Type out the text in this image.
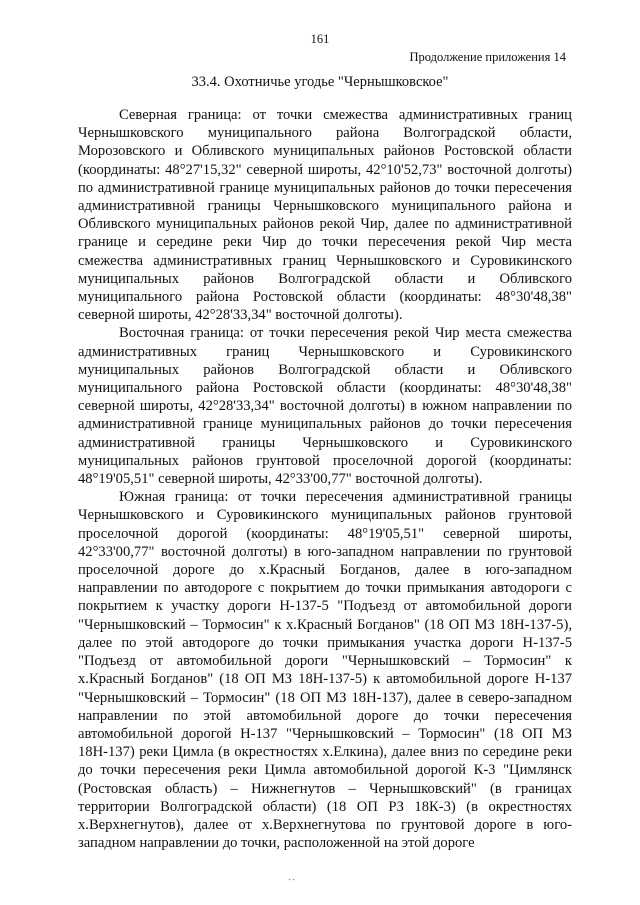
161
Продолжение приложения 14
33.4. Охотничье угодье "Чернышковское"

Северная граница: от точки смежества административных границ Чернышковского муниципального района Волгоградской области, Морозовского и Обливского муниципальных районов Ростовской области (координаты: 48°27'15,32" северной широты, 42°10'52,73" восточной долготы) по административной границе муниципальных районов до точки пересечения административной границы Чернышковского муниципального района и Обливского муниципальных районов рекой Чир, далее по административной границе и середине реки Чир до точки пересечения рекой Чир места смежества административных границ Чернышковского и Суровикинского муниципальных районов Волгоградской области и Обливского муниципального района Ростовской области (координаты: 48°30'48,38" северной широты, 42°28'33,34" восточной долготы).

Восточная граница: от точки пересечения рекой Чир места смежества административных границ Чернышковского и Суровикинского муниципальных районов Волгоградской области и Обливского муниципального района Ростовской области (координаты: 48°30'48,38" северной широты, 42°28'33,34" восточной долготы) в южном направлении по административной границе муниципальных районов до точки пересечения административной границы Чернышковского и Суровикинского муниципальных районов грунтовой проселочной дорогой (координаты: 48°19'05,51" северной широты, 42°33'00,77" восточной долготы).

Южная граница: от точки пересечения административной границы Чернышковского и Суровикинского муниципальных районов грунтовой проселочной дорогой (координаты: 48°19'05,51" северной широты, 42°33'00,77" восточной долготы) в юго-западном направлении по грунтовой проселочной дороге до х.Красный Богданов, далее в юго-западном направлении по автодороге с покрытием до точки примыкания автодороги с покрытием к участку дороги Н-137-5 "Подъезд от автомобильной дороги "Чернышковский – Тормосин" к х.Красный Богданов" (18 ОП МЗ 18Н-137-5), далее по этой автодороге до точки примыкания участка дороги Н-137-5 "Подъезд от автомобильной дороги "Чернышковский – Тормосин" к х.Красный Богданов" (18 ОП МЗ 18Н-137-5) к автомобильной дороге Н-137 "Чернышковский – Тормосин" (18 ОП МЗ 18Н-137), далее в северо-западном направлении по этой автомобильной дороге до точки пересечения автомобильной дорогой Н-137 "Чернышковский – Тормосин" (18 ОП МЗ 18Н-137) реки Цимла (в окрестностях х.Елкина), далее вниз по середине реки до точки пересечения реки Цимла автомобильной дорогой К-3 "Цимлянск (Ростовская область) – Нижнегнутов – Чернышковский" (в границах территории Волгоградской области) (18 ОП РЗ 18К-3) (в окрестностях х.Верхнегнутов), далее от х.Верхнегнутова по грунтовой дороге в юго-западном направлении до точки, расположенной на этой дороге
